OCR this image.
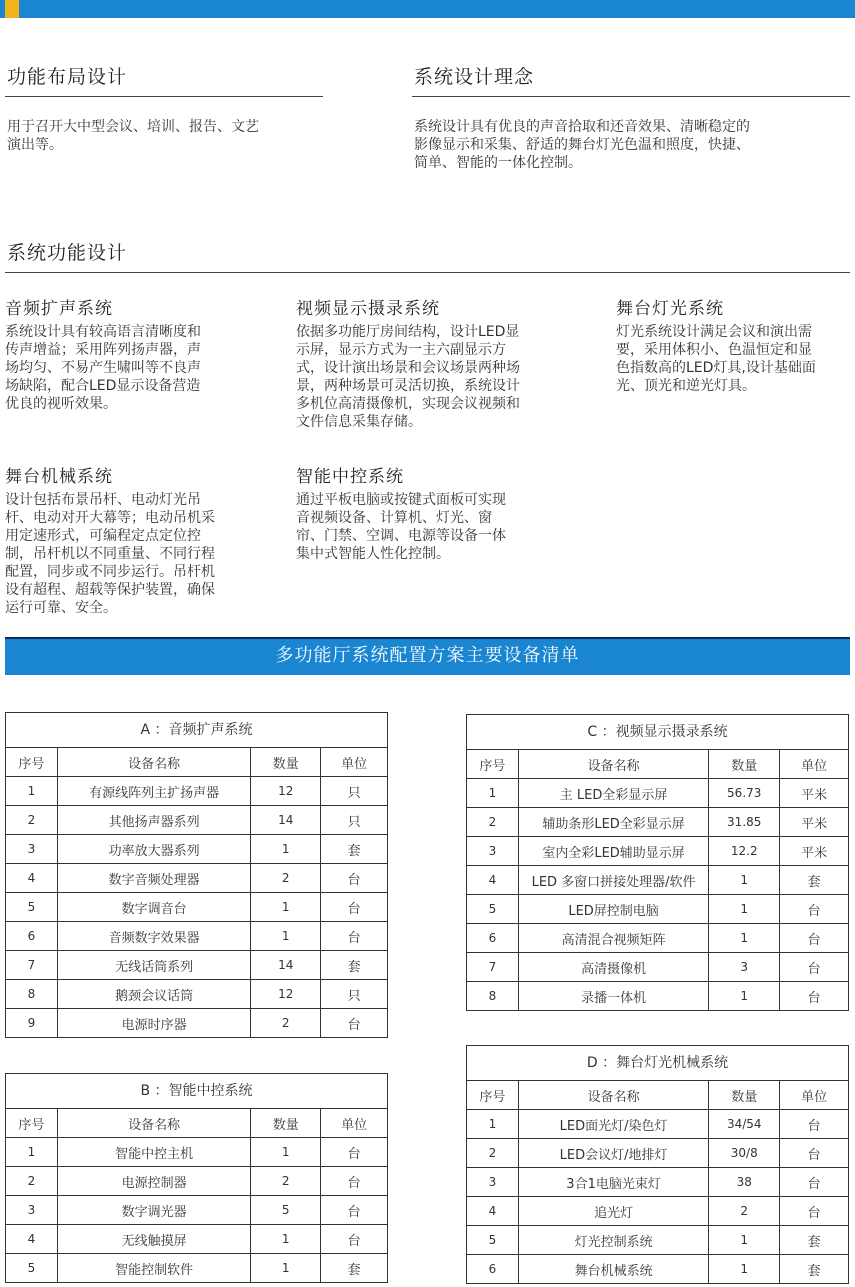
功能布局设计
用于召开大中型会议、培训、报告、文艺
演出等。
系统设计理念
系统设计具有优良的声音拾取和还音效果、清晰稳定的
影像显示和采集、舒适的舞台灯光色温和照度，快捷、
简单、智能的一体化控制。
系统功能设计
音频扩声系统
系统设计具有较高语言清晰度和
传声增益；采用阵列扬声器，声
场均匀、不易产生啸叫等不良声
场缺陷，配合LED显示设备营造
优良的视听效果。
视频显示摄录系统
依据多功能厅房间结构，设计LED显
示屏，显示方式为一主六副显示方
式，设计演出场景和会议场景两种场
景，两种场景可灵活切换，系统设计
多机位高清摄像机，实现会议视频和
文件信息采集存储。
舞台灯光系统
灯光系统设计满足会议和演出需
要，采用体积小、色温恒定和显
色指数高的LED灯具,设计基础面
光、顶光和逆光灯具。
舞台机械系统
设计包括布景吊杆、电动灯光吊
杆、电动对开大幕等；电动吊机采
用定速形式，可编程定点定位控
制，吊杆机以不同重量、不同行程
配置，同步或不同步运行。吊杆机
设有超程、超载等保护装置，确保
运行可靠、安全。
智能中控系统
通过平板电脑或按键式面板可实现
音视频设备、计算机、灯光、窗
帘、门禁、空调、电源等设备一体
集中式智能人性化控制。
多功能厅系统配置方案主要设备清单
A ：音频扩声系统
序号	设备名称	数量	单位
1	有源线阵列主扩扬声器	12	只
2	其他扬声器系列	14	只
3	功率放大器系列	1	套
4	数字音频处理器	2	台
5	数字调音台	1	台
6	音频数字效果器	1	台
7	无线话筒系列	14	套
8	鹅颈会议话筒	12	只
9	电源时序器	2	台
B ：智能中控系统
序号	设备名称	数量	单位
1	智能中控主机	1	台
2	电源控制器	2	台
3	数字调光器	5	台
4	无线触摸屏	1	台
5	智能控制软件	1	套
C ：视频显示摄录系统
序号	设备名称	数量	单位
1	主 LED全彩显示屏	56.73	平米
2	辅助条形LED全彩显示屏	31.85	平米
3	室内全彩LED辅助显示屏	12.2	平米
4	LED 多窗口拼接处理器/软件	1	套
5	LED屏控制电脑	1	台
6	高清混合视频矩阵	1	台
7	高清摄像机	3	台
8	录播一体机	1	台
D ：舞台灯光机械系统
序号	设备名称	数量	单位
1	LED面光灯/染色灯	34/54	台
2	LED会议灯/地排灯	30/8	台
3	3合1电脑光束灯	38	台
4	追光灯	2	台
5	灯光控制系统	1	套
6	舞台机械系统	1	套
